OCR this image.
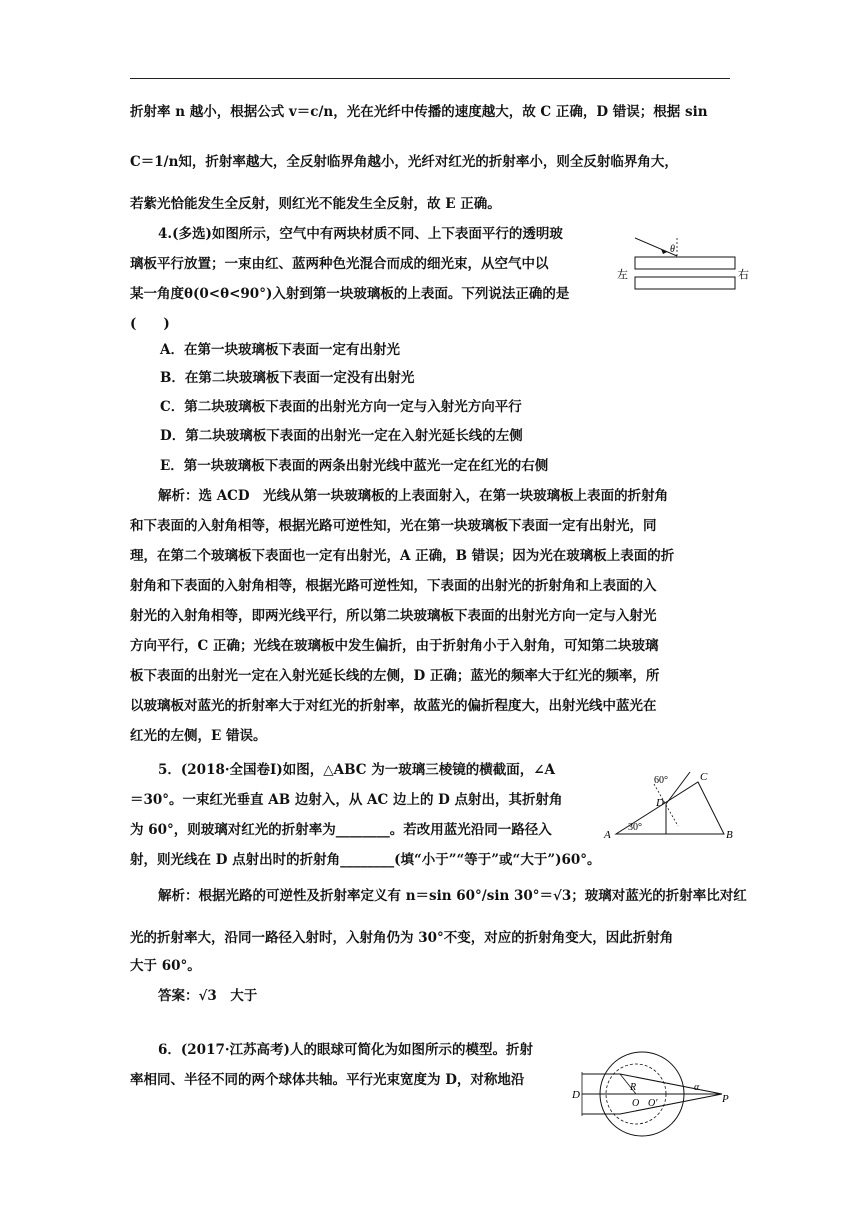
折射率 n 越小，根据公式 v＝c/n，光在光纤中传播的速度越大，故 C 正确，D 错误；根据 sin
C＝1/n知，折射率越大，全反射临界角越小，光纤对红光的折射率小，则全反射临界角大，
若紫光恰能发生全反射，则红光不能发生全反射，故 E 正确。
4.(多选)如图所示，空气中有两块材质不同、上下表面平行的透明玻
璃板平行放置；一束由红、蓝两种色光混合而成的细光束，从空气中以
某一角度θ(0<θ<90°)入射到第一块玻璃板的上表面。下列说法正确的是
(　　)
A．在第一块玻璃板下表面一定有出射光
B．在第二块玻璃板下表面一定没有出射光
C．第二块玻璃板下表面的出射光方向一定与入射光方向平行
D．第二块玻璃板下表面的出射光一定在入射光延长线的左侧
E．第一块玻璃板下表面的两条出射光线中蓝光一定在红光的右侧
解析：选 ACD　光线从第一块玻璃板的上表面射入，在第一块玻璃板上表面的折射角
和下表面的入射角相等，根据光路可逆性知，光在第一块玻璃板下表面一定有出射光，同
理，在第二个玻璃板下表面也一定有出射光，A 正确，B 错误；因为光在玻璃板上表面的折
射角和下表面的入射角相等，根据光路可逆性知，下表面的出射光的折射角和上表面的入
射光的入射角相等，即两光线平行，所以第二块玻璃板下表面的出射光方向一定与入射光
方向平行，C 正确；光线在玻璃板中发生偏折，由于折射角小于入射角，可知第二块玻璃
板下表面的出射光一定在入射光延长线的左侧，D 正确；蓝光的频率大于红光的频率，所
以玻璃板对蓝光的折射率大于对红光的折射率，故蓝光的偏折程度大，出射光线中蓝光在
红光的左侧，E 错误。
5．(2018·全国卷Ⅰ)如图，△ABC 为一玻璃三棱镜的横截面，∠A
＝30°。一束红光垂直 AB 边射入，从 AC 边上的 D 点射出，其折射角
为 60°，则玻璃对红光的折射率为________。若改用蓝光沿同一路径入
射，则光线在 D 点射出时的折射角________(填“小于”“等于”或“大于”)60°。
解析：根据光路的可逆性及折射率定义有 n＝sin 60°/sin 30°＝√3；玻璃对蓝光的折射率比对红
光的折射率大，沿同一路径入射时，入射角仍为 30°不变，对应的折射角变大，因此折射角
大于 60°。
答案：√3　大于
6．(2017·江苏高考)人的眼球可简化为如图所示的模型。折射
率相同、半径不同的两个球体共轴。平行光束宽度为 D，对称地沿
θ
左	右
60°
30°
A	B
C
D
D
R
O O′
α
P
